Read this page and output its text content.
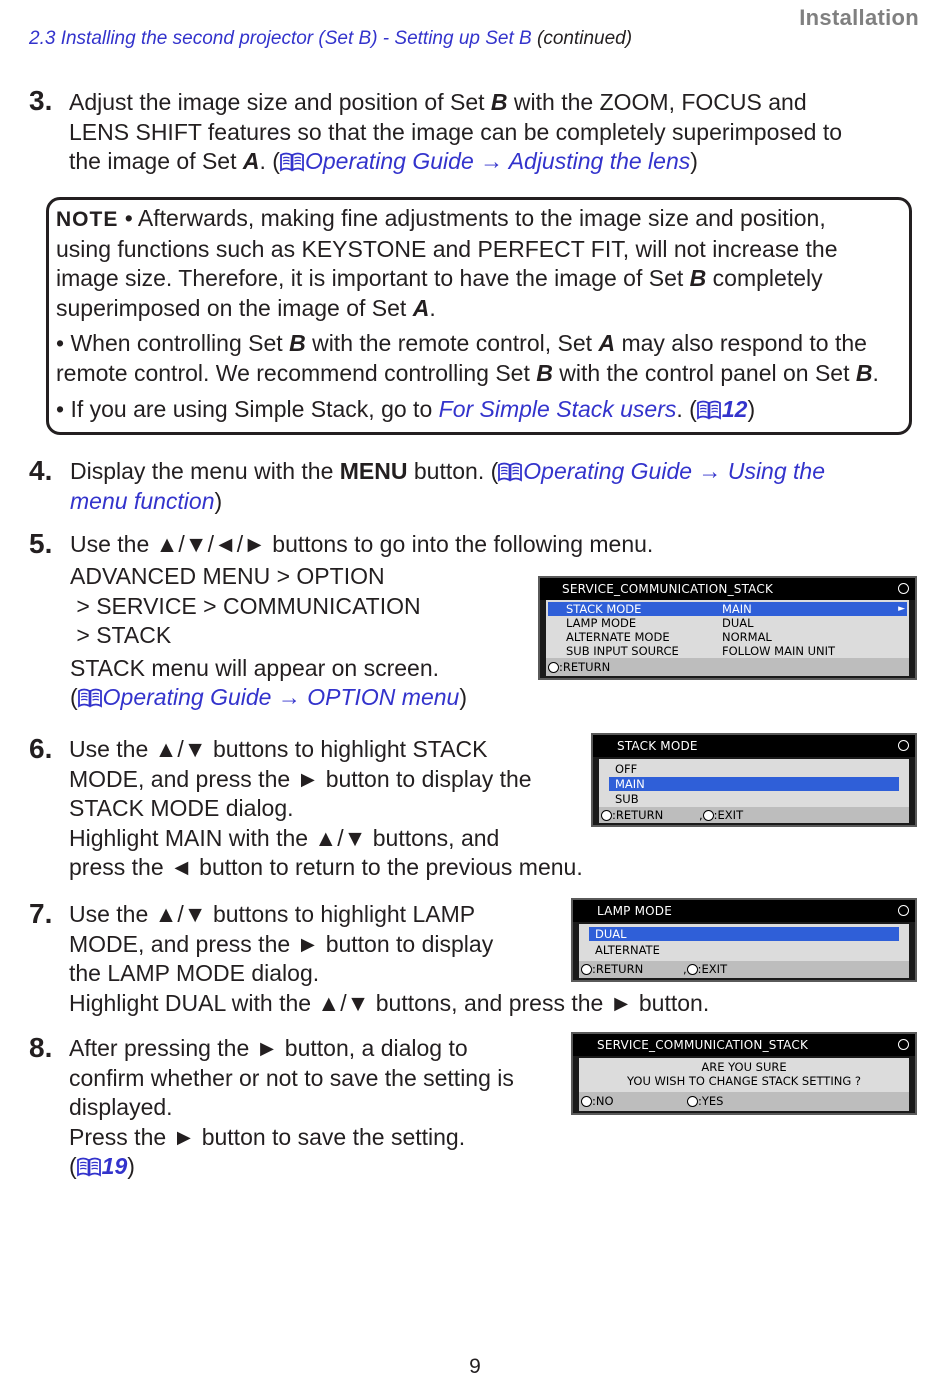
2.3 Installing the second projector (Set B) - Setting up Set B (continued)
Installation
3. Adjust the image size and position of Set B with the ZOOM, FOCUS and
LENS SHIFT features so that the image can be completely superimposed to
the image of Set A. ( Operating Guide → Adjusting the lens)
NOTE • Afterwards, making fine adjustments to the image size and position,
using functions such as KEYSTONE and PERFECT FIT, will not increase the
image size. Therefore, it is important to have the image of Set B completely
superimposed on the image of Set A.
• When controlling Set B with the remote control, Set A may also respond to the
remote control. We recommend controlling Set B with the control panel on Set B.
• If you are using Simple Stack, go to For Simple Stack users. ( 12)
4. Display the menu with the MENU button. ( Operating Guide → Using the
menu function)
5. Use the ▲/▼/◄/► buttons to go into the following menu.
ADVANCED MENU > OPTION
> SERVICE > COMMUNICATION
> STACK
STACK menu will appear on screen.
( Operating Guide → OPTION menu)
SERVICE_COMMUNICATION_STACK
STACK MODE	MAIN	►
LAMP MODE	DUAL
ALTERNATE MODE	NORMAL
SUB INPUT SOURCE	FOLLOW MAIN UNIT
:RETURN
6. Use the ▲/▼ buttons to highlight STACK
MODE, and press the ► button to display the
STACK MODE dialog.
Highlight MAIN with the ▲/▼ buttons, and
press the ◄ button to return to the previous menu.
STACK MODE
OFF
MAIN
SUB
:RETURN	, :EXIT
7. Use the ▲/▼ buttons to highlight LAMP
MODE, and press the ► button to display
the LAMP MODE dialog.
Highlight DUAL with the ▲/▼ buttons, and press the ► button.
LAMP MODE
DUAL
ALTERNATE
:RETURN	, :EXIT
8. After pressing the ► button, a dialog to
confirm whether or not to save the setting is
displayed.
Press the ► button to save the setting.
( 19)
SERVICE_COMMUNICATION_STACK
ARE YOU SURE
YOU WISH TO CHANGE STACK SETTING ?
:NO	:YES
9
